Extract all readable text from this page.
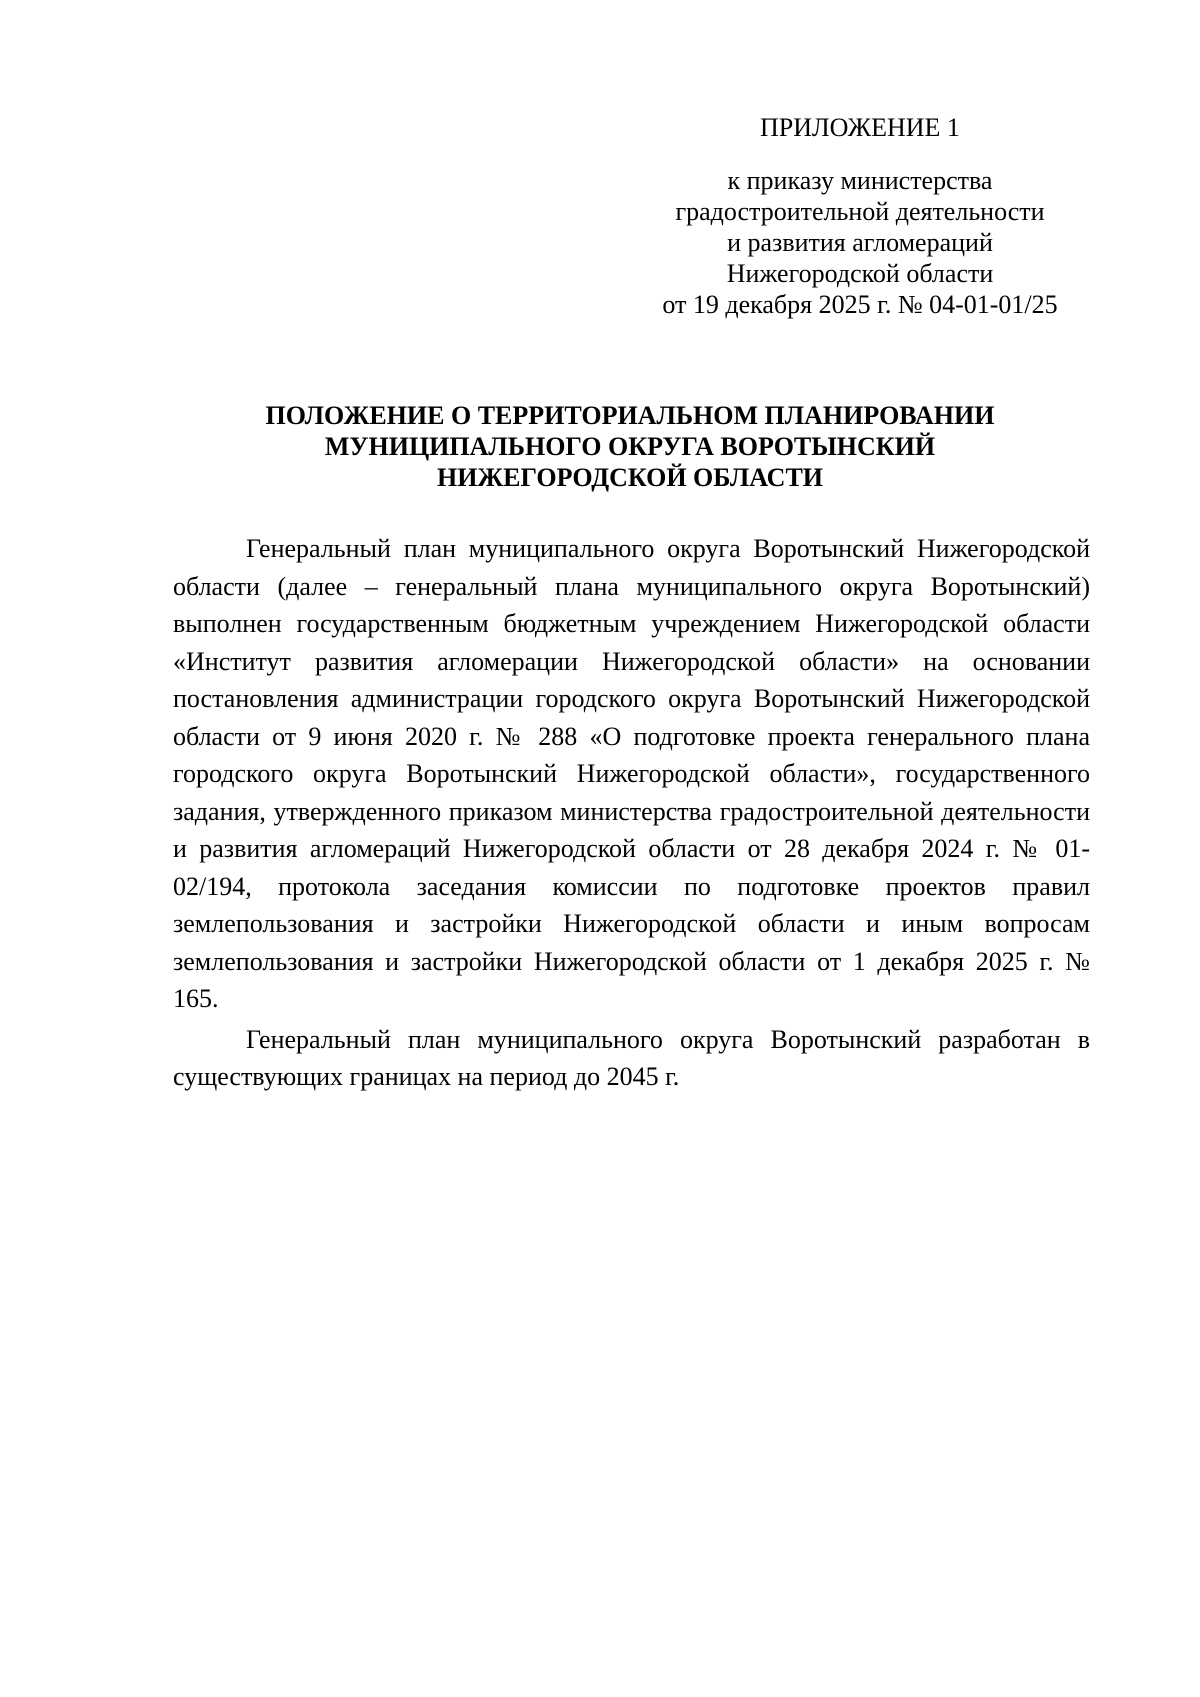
ПРИЛОЖЕНИЕ 1
к приказу министерства
градостроительной деятельности
и развития агломераций
Нижегородской области
от 19 декабря 2025 г. № 04-01-01/25
ПОЛОЖЕНИЕ О ТЕРРИТОРИАЛЬНОМ ПЛАНИРОВАНИИ
МУНИЦИПАЛЬНОГО ОКРУГА ВОРОТЫНСКИЙ
НИЖЕГОРОДСКОЙ ОБЛАСТИ

Генеральный план муниципального округа Воротынский Нижегородской области (далее – генеральный плана муниципального округа Воротынский) выполнен государственным бюджетным учреждением Нижегородской области «Институт развития агломерации Нижегородской области» на основании постановления администрации городского округа Воротынский Нижегородской области от 9 июня 2020 г. № 288 «О подготовке проекта генерального плана городского округа Воротынский Нижегородской области», государственного задания, утвержденного приказом министерства градостроительной деятельности и развития агломераций Нижегородской области от 28 декабря 2024 г. № 01-02/194, протокола заседания комиссии по подготовке проектов правил землепользования и застройки Нижегородской области и иным вопросам землепользования и застройки Нижегородской области от 1 декабря 2025 г. № 165.

Генеральный план муниципального округа Воротынский разработан в существующих границах на период до 2045 г.
